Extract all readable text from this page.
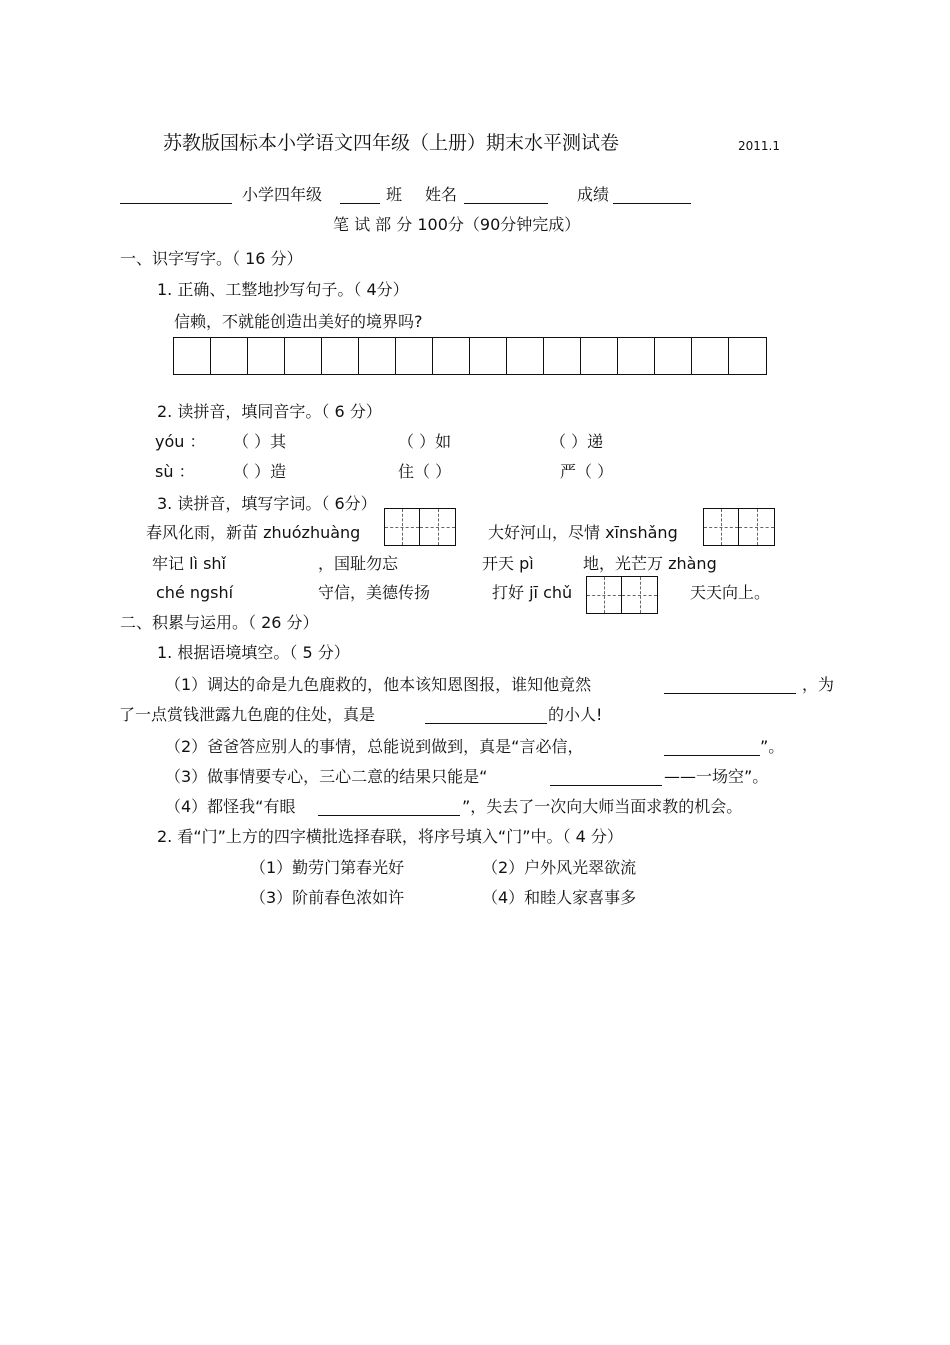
苏教版国标本小学语文四年级（上册）期末水平测试卷	2011.1
小学四年级	班 姓名	成绩
笔 试 部 分 100分（90分钟完成）
一、识字写字。（ 16 分）
1. 正确、工整地抄写句子。（ 4分）
信赖，不就能创造出美好的境界吗?
2. 读拼音，填同音字。（ 6 分）
yóu ： （ ）其	（ ）如	（ ）递
sù ： （ ）造	住（ ）	严（ ）
3. 读拼音，填写字词。（ 6分）
春风化雨，新苗 zhuózhuàng	大好河山，尽情 xīnshǎng
牢记 lì shǐ	，国耻勿忘	开天 pì	地，光芒万 zhàng
ché ngshí	守信，美德传扬	打好 jī chǔ	天天向上。
二、积累与运用。（ 26 分）
1. 根据语境填空。（ 5 分）
（1）调达的命是九色鹿救的，他本该知恩图报，谁知他竟然	，为
了一点赏钱泄露九色鹿的住处，真是	的小人!
（2）爸爸答应别人的事情，总能说到做到，真是“言必信，	”。
（3）做事情要专心，三心二意的结果只能是“	——一场空”。
（4）都怪我“有眼	”，失去了一次向大师当面求教的机会。
2. 看“门”上方的四字横批选择春联，将序号填入“门”中。（ 4 分）
（1）勤劳门第春光好	（2）户外风光翠欲流
（3）阶前春色浓如许	（4）和睦人家喜事多
